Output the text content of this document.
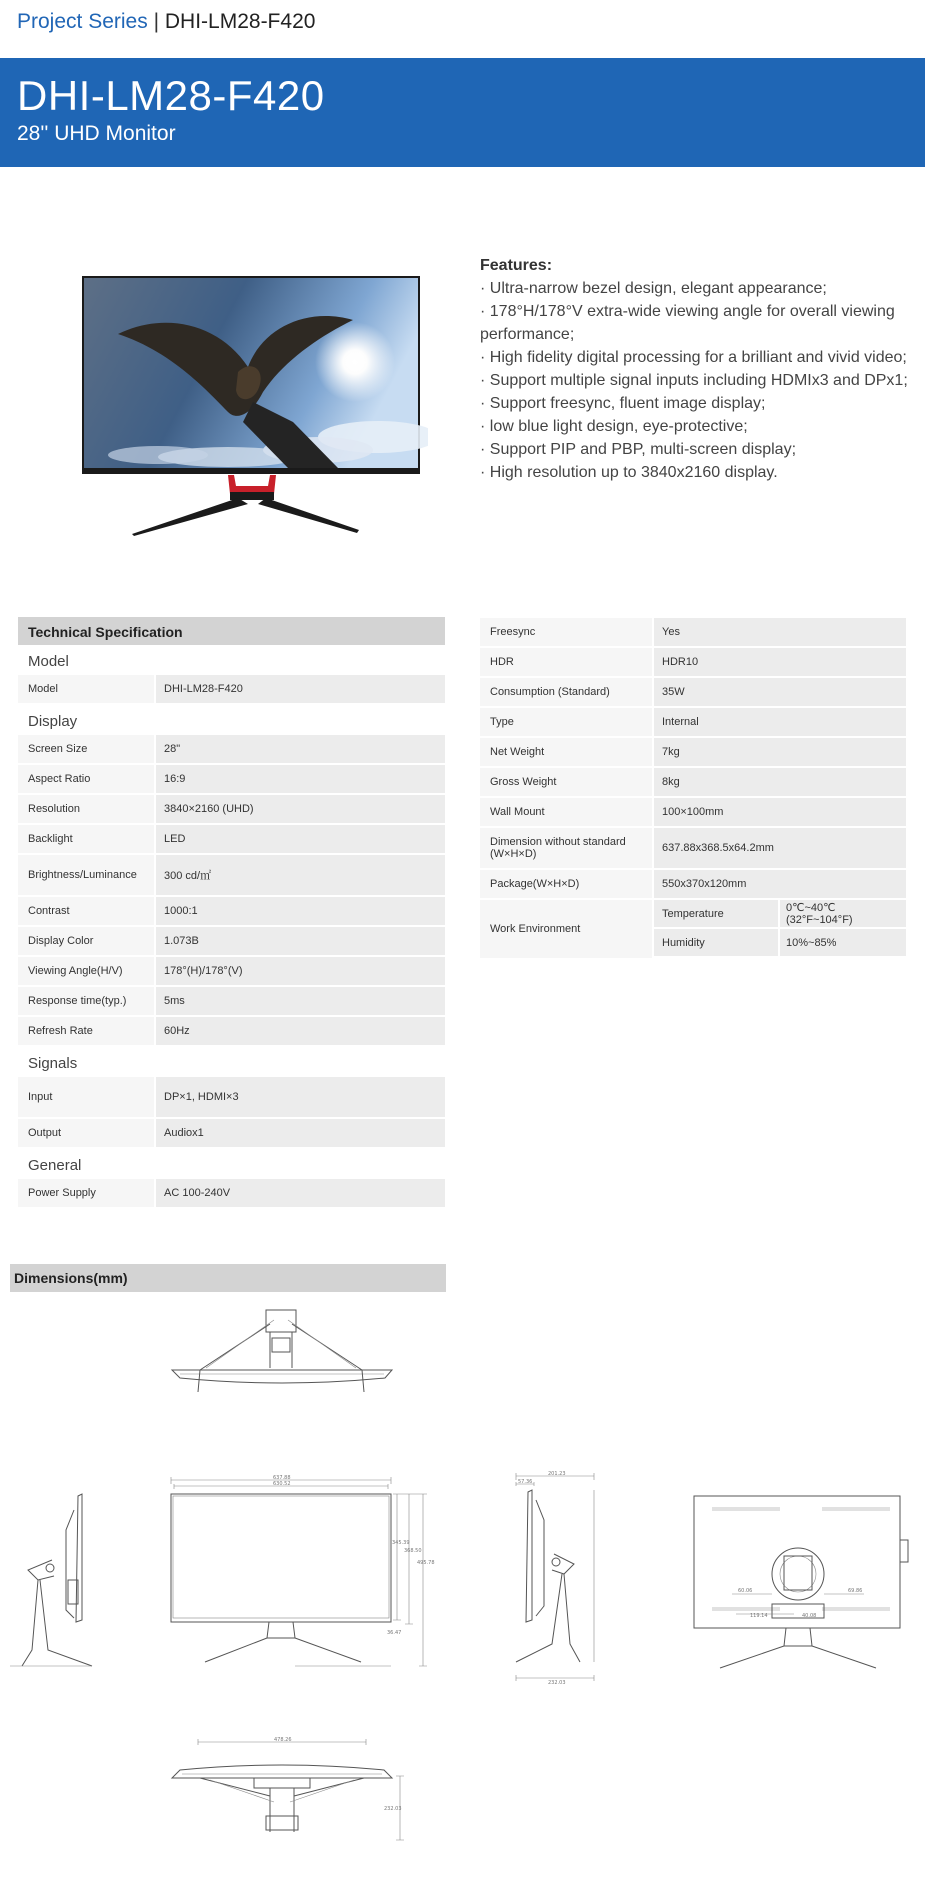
Project Series | DHI-LM28-F420
DHI-LM28-F420
28'' UHD Monitor
Features:
· Ultra-narrow bezel design, elegant appearance;
· 178°H/178°V extra-wide viewing angle for overall viewing performance;
· High fidelity digital processing for a brilliant and vivid video;
· Support multiple signal inputs including HDMIx3 and DPx1;
· Support freesync, fluent image display;
· low blue light design, eye-protective;
· Support PIP and PBP, multi-screen display;
· High resolution up to 3840x2160 display.
Technical Specification
Model
Model	DHI-LM28-F420
Display
Screen Size	28"
Aspect Ratio	16:9
Resolution	3840×2160 (UHD)
Backlight	LED
Brightness/Luminance	300 cd/㎡
Contrast	1000:1
Display Color	1.073B
Viewing Angle(H/V)	178°(H)/178°(V)
Response time(typ.)	5ms
Refresh Rate	60Hz
Signals
Input	DP×1, HDMI×3
Output	Audiox1
General
Power Supply	AC 100-240V
Freesync	Yes
HDR	HDR10
Consumption (Standard)	35W
Type	Internal
Net Weight	7kg
Gross Weight	8kg
Wall Mount	100×100mm
Dimension without standard (W×H×D)	637.88x368.5x64.2mm
Package(W×H×D)	550x370x120mm
Work Environment
Temperature	0℃~40℃ (32°F~104°F)
Humidity	10%~85%
Dimensions(mm)
637.88
630.52
345.39
368.50
495.78
36.47
201.23
57.36
232.03
60.06	69.86
119.14	40.08
478.26
232.03
